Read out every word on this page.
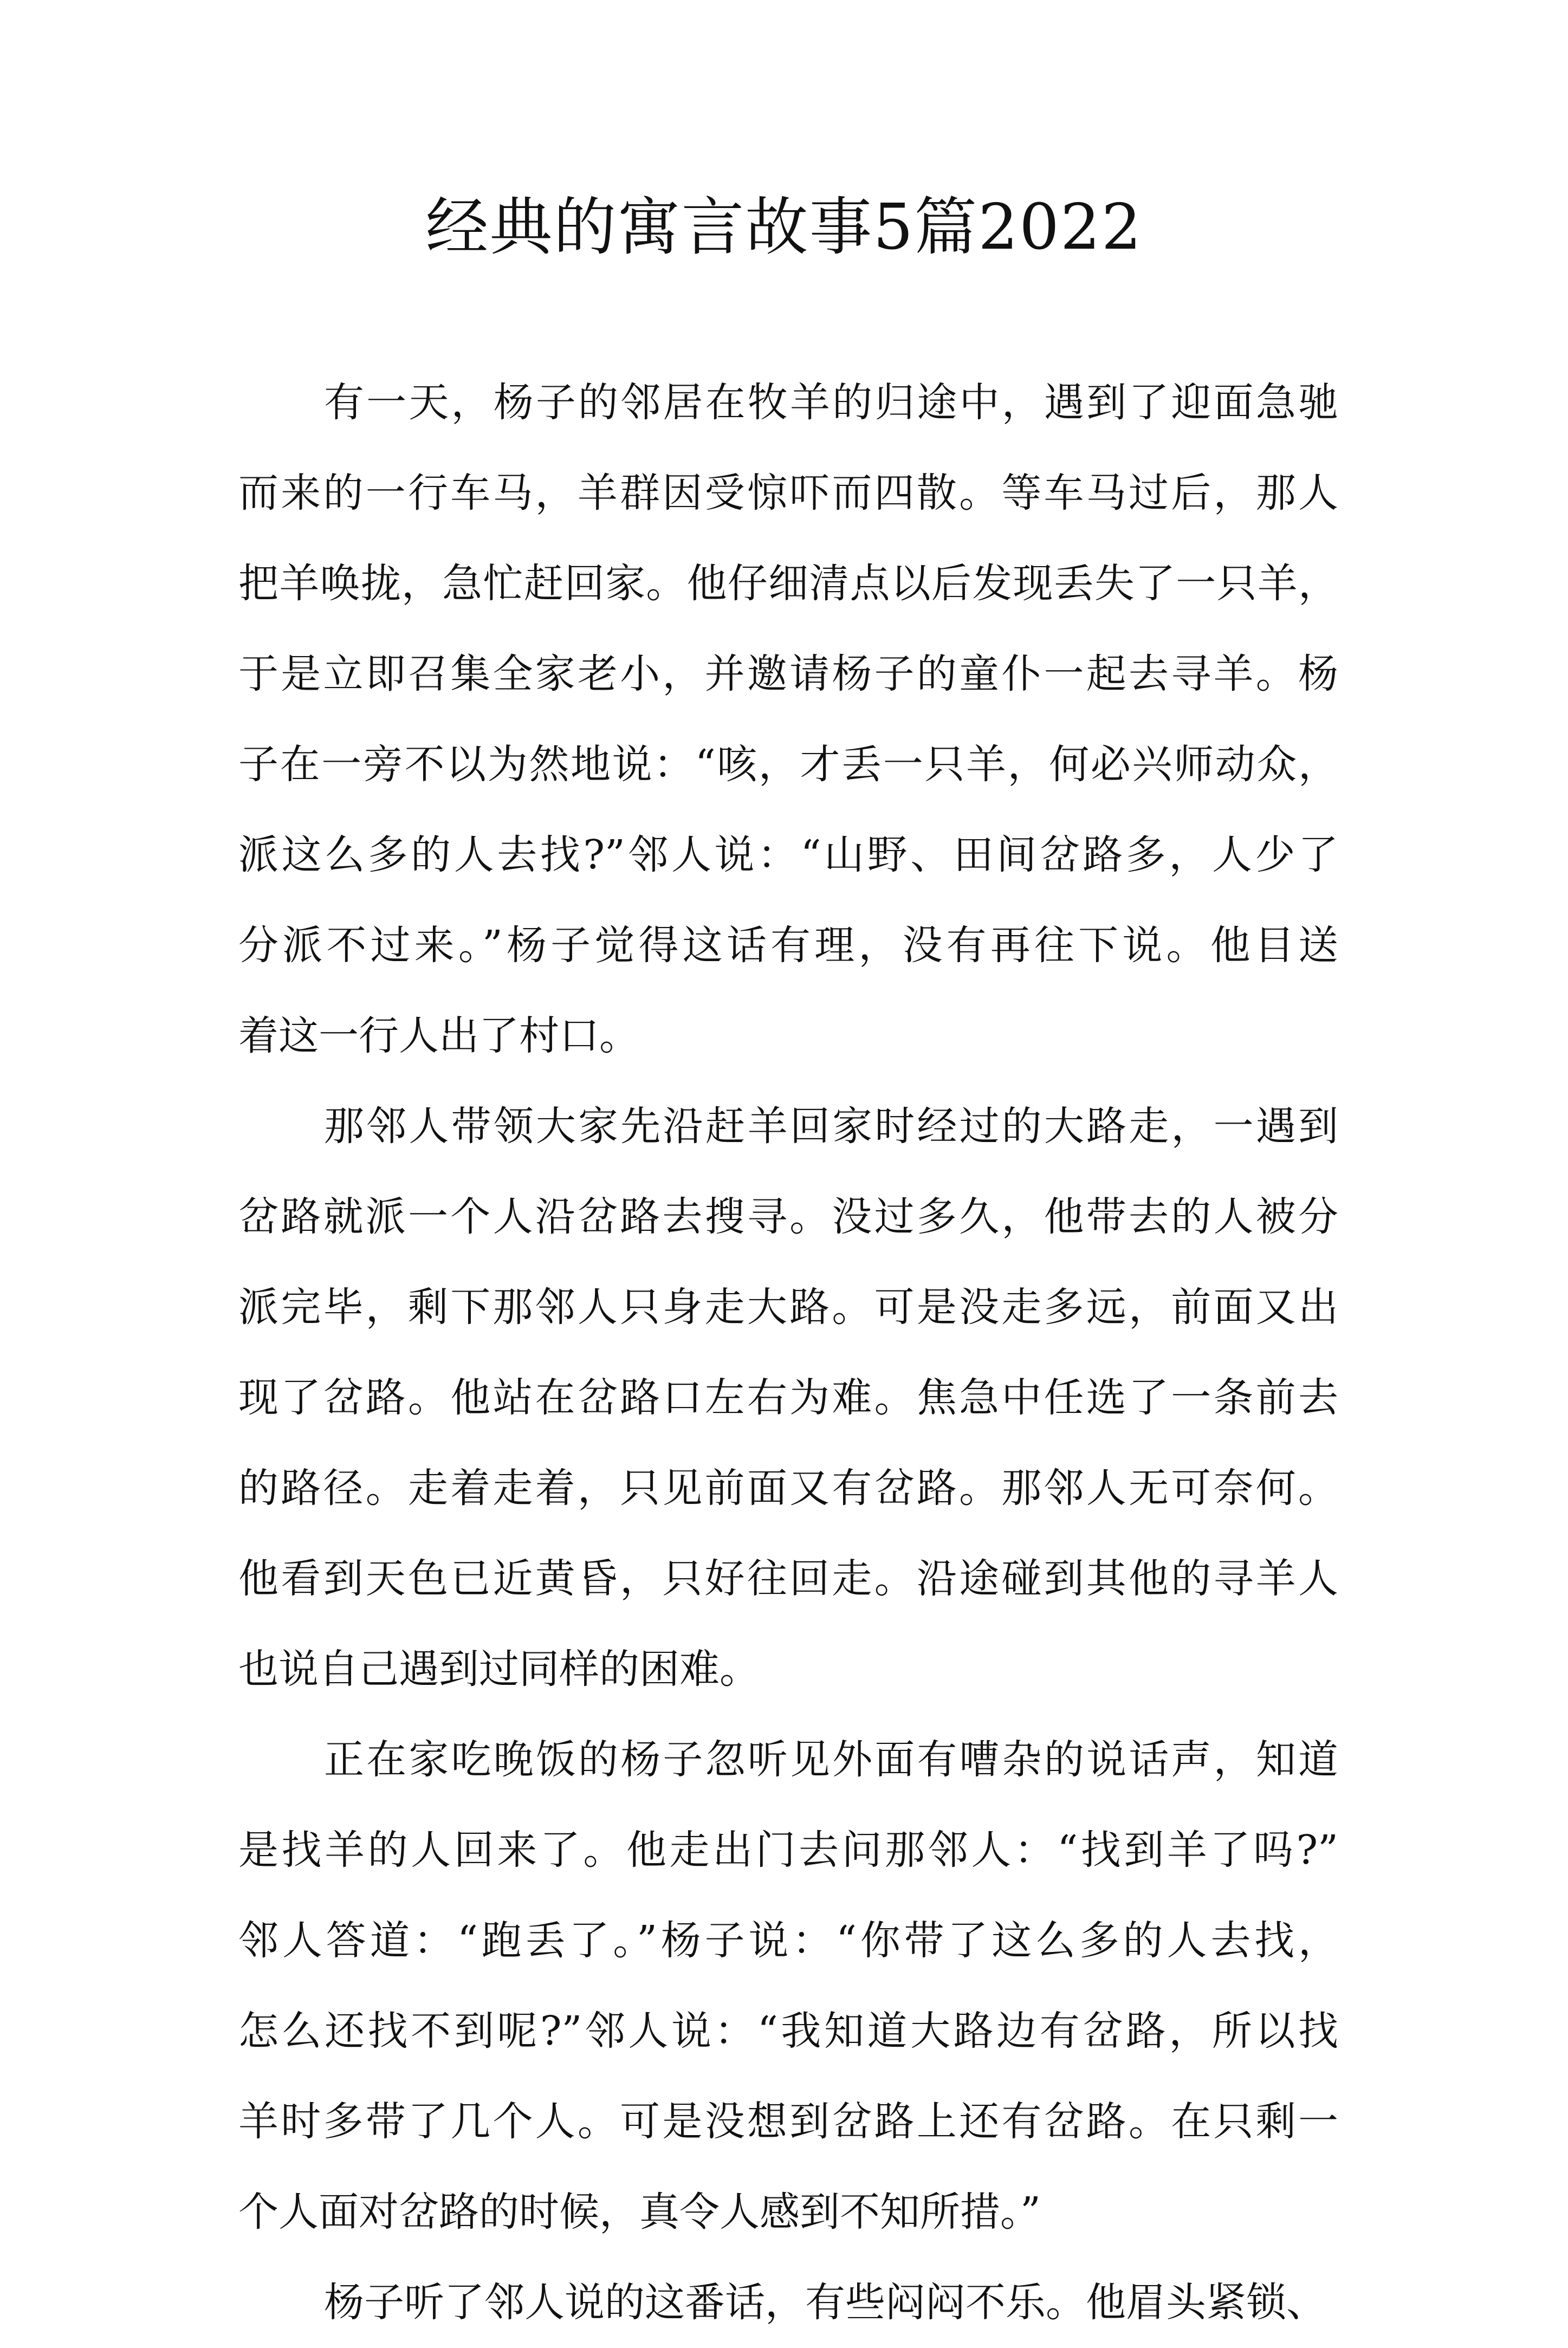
经典的寓言故事5篇2022
有一天，杨子的邻居在牧羊的归途中，遇到了迎面急驰
而来的一行车马，羊群因受惊吓而四散。等车马过后，那人
把羊唤拢，急忙赶回家。他仔细清点以后发现丢失了一只羊，
于是立即召集全家老小，并邀请杨子的童仆一起去寻羊。杨
子在一旁不以为然地说：“咳，才丢一只羊，何必兴师动众，
派这么多的人去找?”邻人说：“山野、田间岔路多，人少了
分派不过来。”杨子觉得这话有理，没有再往下说。他目送
着这一行人出了村口。
那邻人带领大家先沿赶羊回家时经过的大路走，一遇到
岔路就派一个人沿岔路去搜寻。没过多久，他带去的人被分
派完毕，剩下那邻人只身走大路。可是没走多远，前面又出
现了岔路。他站在岔路口左右为难。焦急中任选了一条前去
的路径。走着走着，只见前面又有岔路。那邻人无可奈何。
他看到天色已近黄昏，只好往回走。沿途碰到其他的寻羊人
也说自己遇到过同样的困难。
正在家吃晚饭的杨子忽听见外面有嘈杂的说话声，知道
是找羊的人回来了。他走出门去问那邻人：“找到羊了吗?”
邻人答道：“跑丢了。”杨子说：“你带了这么多的人去找，
怎么还找不到呢?”邻人说：“我知道大路边有岔路，所以找
羊时多带了几个人。可是没想到岔路上还有岔路。在只剩一
个人面对岔路的时候，真令人感到不知所措。”
杨子听了邻人说的这番话，有些闷闷不乐。他眉头紧锁、
